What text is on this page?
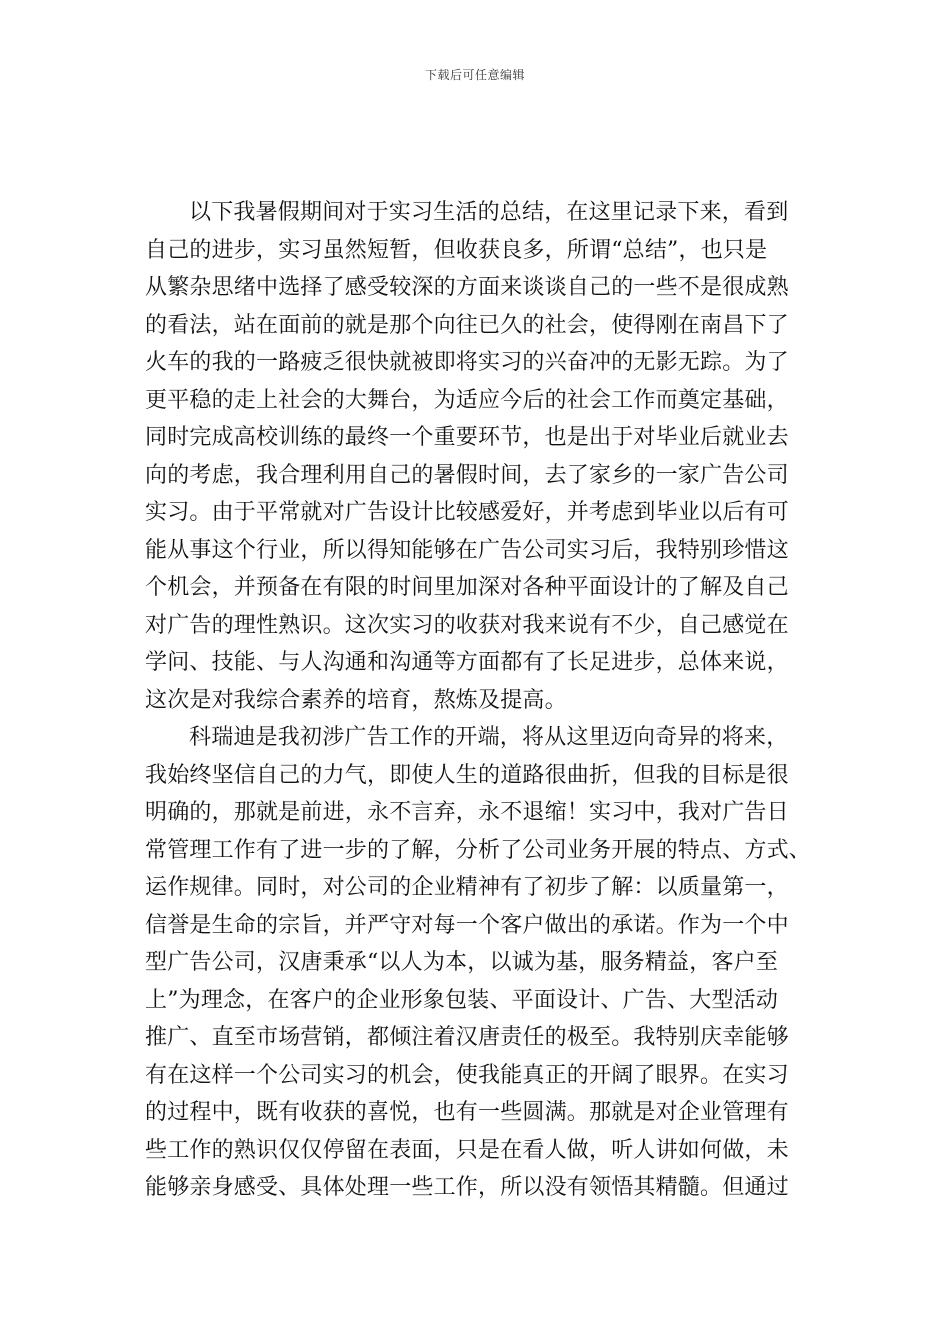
下载后可任意编辑
以下我暑假期间对于实习生活的总结，在这里记录下来，看到
自己的进步，实习虽然短暂，但收获良多，所谓“总结”，也只是
从繁杂思绪中选择了感受较深的方面来谈谈自己的一些不是很成熟
的看法，站在面前的就是那个向往已久的社会，使得刚在南昌下了
火车的我的一路疲乏很快就被即将实习的兴奋冲的无影无踪。为了
更平稳的走上社会的大舞台，为适应今后的社会工作而奠定基础，
同时完成高校训练的最终一个重要环节，也是出于对毕业后就业去
向的考虑，我合理利用自己的暑假时间，去了家乡的一家广告公司
实习。由于平常就对广告设计比较感爱好，并考虑到毕业以后有可
能从事这个行业，所以得知能够在广告公司实习后，我特别珍惜这
个机会，并预备在有限的时间里加深对各种平面设计的了解及自己
对广告的理性熟识。这次实习的收获对我来说有不少，自己感觉在
学问、技能、与人沟通和沟通等方面都有了长足进步，总体来说，
这次是对我综合素养的培育，熬炼及提高。
科瑞迪是我初涉广告工作的开端，将从这里迈向奇异的将来，
我始终坚信自己的力气，即使人生的道路很曲折，但我的目标是很
明确的，那就是前进，永不言弃，永不退缩！实习中，我对广告日
常管理工作有了进一步的了解，分析了公司业务开展的特点、方式、
运作规律。同时，对公司的企业精神有了初步了解：以质量第一，
信誉是生命的宗旨，并严守对每一个客户做出的承诺。作为一个中
型广告公司，汉唐秉承“以人为本，以诚为基，服务精益，客户至
上”为理念，在客户的企业形象包装、平面设计、广告、大型活动
推广、直至市场营销，都倾注着汉唐责任的极至。我特别庆幸能够
有在这样一个公司实习的机会，使我能真正的开阔了眼界。在实习
的过程中，既有收获的喜悦，也有一些圆满。那就是对企业管理有
些工作的熟识仅仅停留在表面，只是在看人做，听人讲如何做，未
能够亲身感受、具体处理一些工作，所以没有领悟其精髓。但通过
